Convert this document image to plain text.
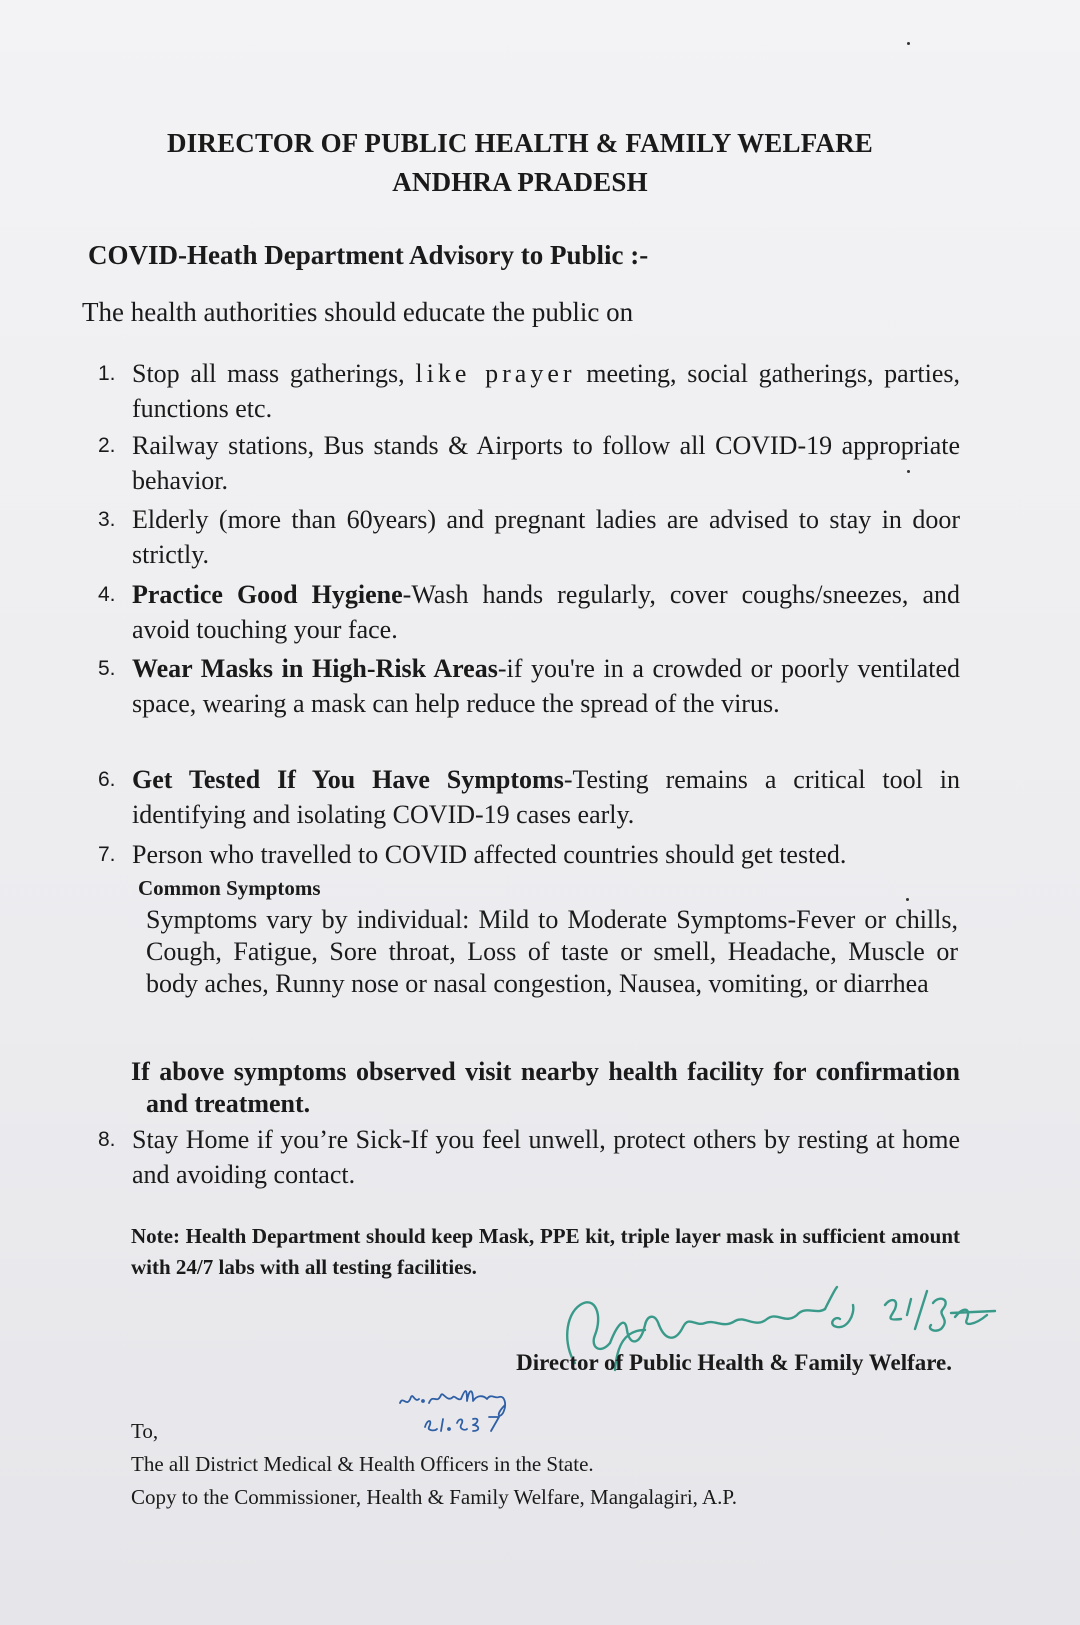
DIRECTOR OF PUBLIC HEALTH & FAMILY WELFARE
ANDHRA PRADESH
COVID-Heath Department Advisory to Public :-
The health authorities should educate the public on
1. Stop all mass gatherings, like prayer meeting, social gatherings, parties, functions etc.
2. Railway stations, Bus stands & Airports to follow all COVID-19 appropriate behavior.
3. Elderly (more than 60years) and pregnant ladies are advised to stay in door strictly.
4. Practice Good Hygiene-Wash hands regularly, cover coughs/sneezes, and avoid touching your face.
5. Wear Masks in High-Risk Areas-if you're in a crowded or poorly ventilated space, wearing a mask can help reduce the spread of the virus.
6. Get Tested If You Have Symptoms-Testing remains a critical tool in identifying and isolating COVID-19 cases early.
7. Person who travelled to COVID affected countries should get tested.
Common Symptoms
Symptoms vary by individual: Mild to Moderate Symptoms-Fever or chills, Cough, Fatigue, Sore throat, Loss of taste or smell, Headache, Muscle or body aches, Runny nose or nasal congestion, Nausea, vomiting, or diarrhea
If above symptoms observed visit nearby health facility for confirmation and treatment.
8. Stay Home if you’re Sick-If you feel unwell, protect others by resting at home and avoiding contact.
Note: Health Department should keep Mask, PPE kit, triple layer mask in sufficient amount with 24/7 labs with all testing facilities.
Director of Public Health & Family Welfare.
To,
The all District Medical & Health Officers in the State.
Copy to the Commissioner, Health & Family Welfare, Mangalagiri, A.P.
